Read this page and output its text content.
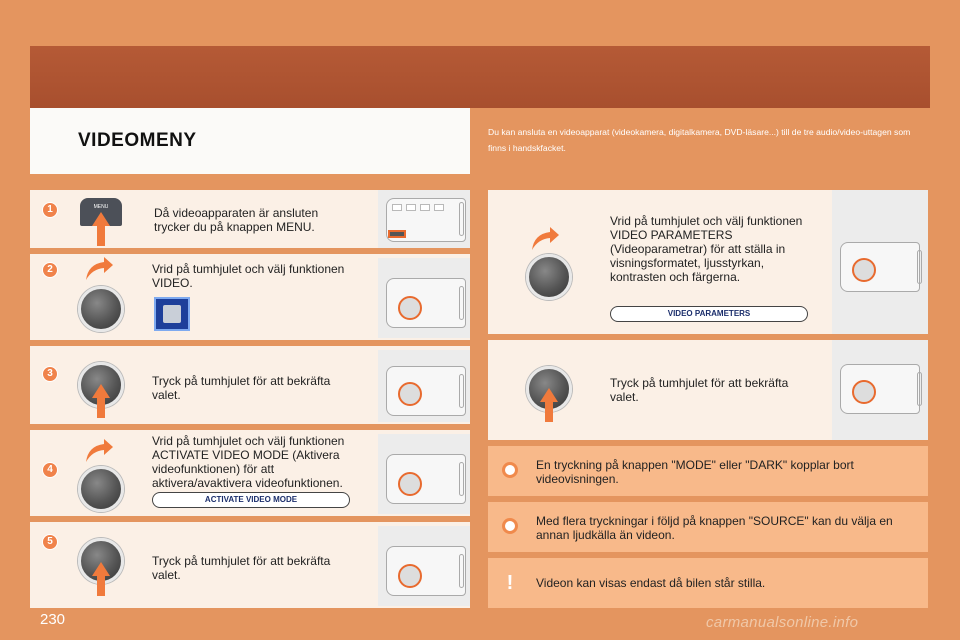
VIDEOMENY	Du kan ansluta en videoapparat (videokamera, digitalkamera, DVD-läsare...) till de tre audio/video-uttagen som finns i handskfacket.
1	Då videoapparaten är ansluten trycker du på knappen MENU.
MENU
2	Vrid på tumhjulet och välj funktionen VIDEO.
3
Tryck på tumhjulet för att bekräfta valet.
4
Vrid på tumhjulet och välj funktionen ACTIVATE VIDEO MODE (Aktivera videofunktionen) för att aktivera/avaktivera videofunktionen.
ACTIVATE VIDEO MODE
5
Tryck på tumhjulet för att bekräfta valet.
Vrid på tumhjulet och välj funktionen VIDEO PARAMETERS (Videoparametrar) för att ställa in visningsformatet, ljusstyrkan, kontrasten och färgerna.
VIDEO PARAMETERS
Tryck på tumhjulet för att bekräfta valet.
En tryckning på knappen "MODE" eller "DARK" kopplar bort videovisningen.
Med flera tryckningar i följd på knappen "SOURCE" kan du välja en annan ljudkälla än videon.
!	Videon kan visas endast då bilen står stilla.
230	carmanualsonline.info
